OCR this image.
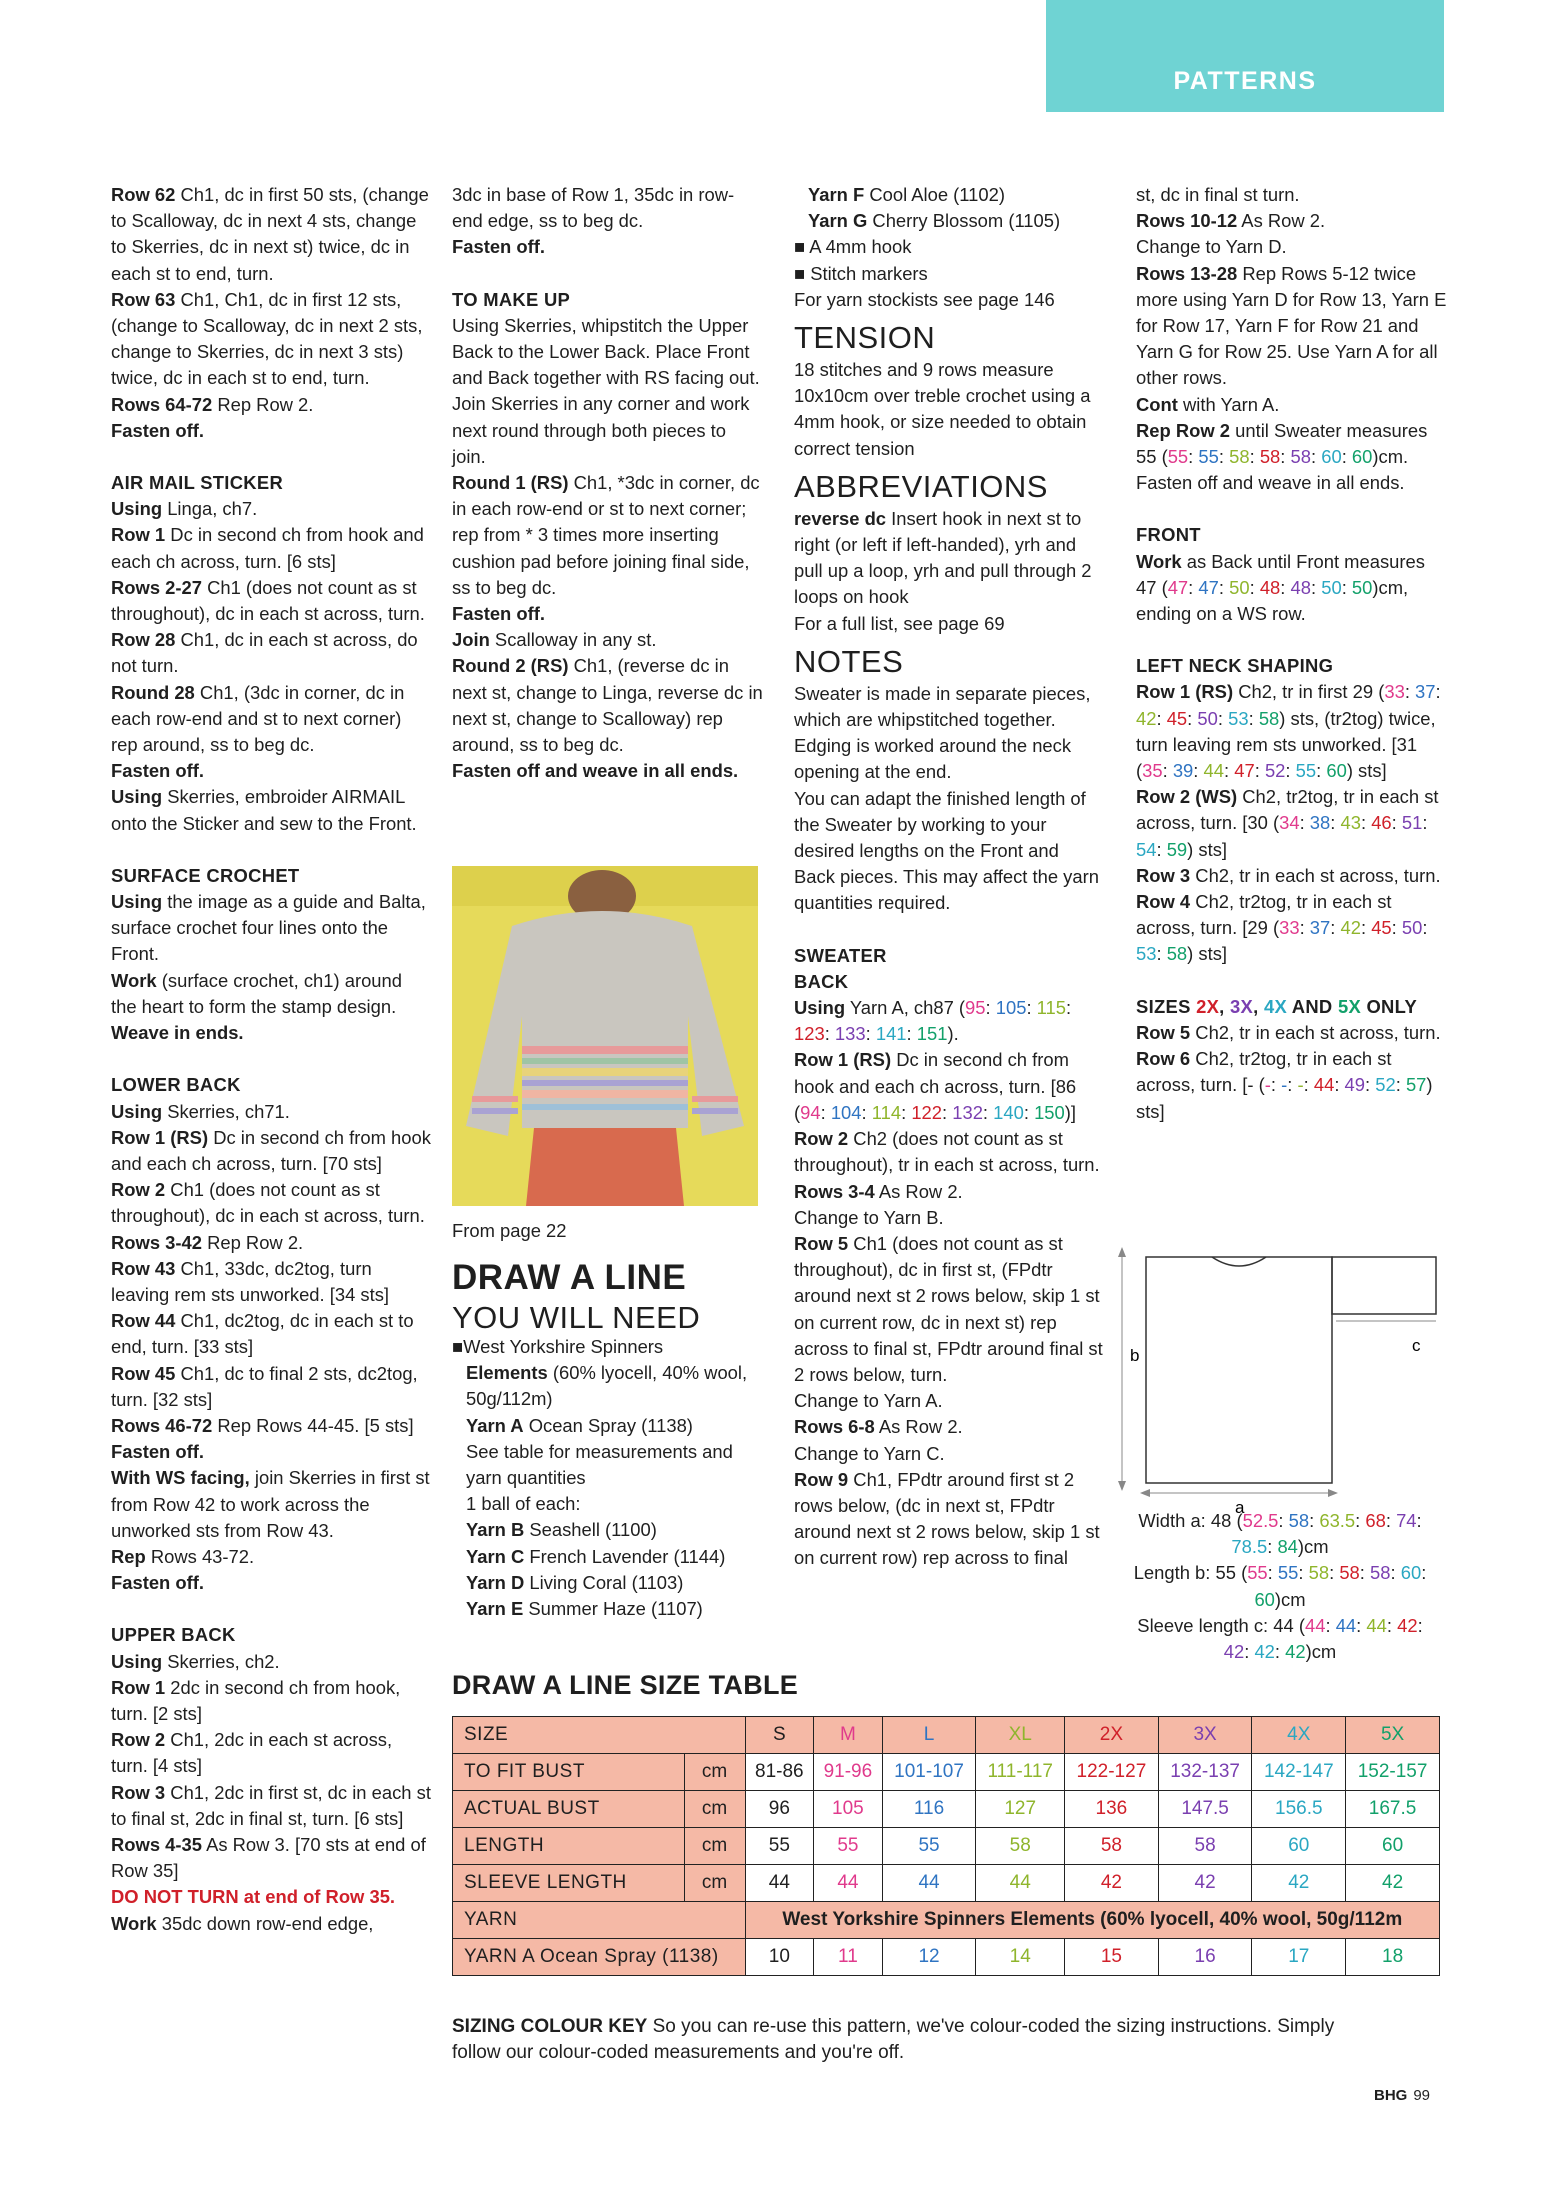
PATTERNS

Row 62 Ch1, dc in first 50 sts, (change to Scalloway, dc in next 4 sts, change to Skerries, dc in next st) twice, dc in each st to end, turn.

Row 63 Ch1, Ch1, dc in first 12 sts, (change to Scalloway, dc in next 2 sts, change to Skerries, dc in next 3 sts) twice, dc in each st to end, turn.

Rows 64-72 Rep Row 2.

Fasten off.

AIR MAIL STICKER

Using Linga, ch7.

Row 1 Dc in second ch from hook and each ch across, turn. [6 sts]

Rows 2-27 Ch1 (does not count as st throughout), dc in each st across, turn.

Row 28 Ch1, dc in each st across, do not turn.

Round 28 Ch1, (3dc in corner, dc in each row-end and st to next corner) rep around, ss to beg dc.

Fasten off.

Using Skerries, embroider AIRMAIL onto the Sticker and sew to the Front.

SURFACE CROCHET

Using the image as a guide and Balta, surface crochet four lines onto the Front.

Work (surface crochet, ch1) around the heart to form the stamp design.

Weave in ends.

LOWER BACK

Using Skerries, ch71.

Row 1 (RS) Dc in second ch from hook and each ch across, turn. [70 sts]

Row 2 Ch1 (does not count as st throughout), dc in each st across, turn.

Rows 3-42 Rep Row 2.

Row 43 Ch1, 33dc, dc2tog, turn leaving rem sts unworked. [34 sts]

Row 44 Ch1, dc2tog, dc in each st to end, turn. [33 sts]

Row 45 Ch1, dc to final 2 sts, dc2tog, turn. [32 sts]

Rows 46-72 Rep Rows 44-45. [5 sts]

Fasten off.

With WS facing, join Skerries in first st from Row 42 to work across the unworked sts from Row 43.

Rep Rows 43-72.

Fasten off.

UPPER BACK

Using Skerries, ch2.

Row 1 2dc in second ch from hook, turn. [2 sts]

Row 2 Ch1, 2dc in each st across, turn. [4 sts]

Row 3 Ch1, 2dc in first st, dc in each st to final st, 2dc in final st, turn. [6 sts]

Rows 4-35 As Row 3. [70 sts at end of Row 35]

DO NOT TURN at end of Row 35.

Work 35dc down row-end edge,

3dc in base of Row 1, 35dc in row-end edge, ss to beg dc.

Fasten off.

TO MAKE UP

Using Skerries, whipstitch the Upper Back to the Lower Back. Place Front and Back together with RS facing out.

Join Skerries in any corner and work next round through both pieces to join.

Round 1 (RS) Ch1, *3dc in corner, dc in each row-end or st to next corner; rep from * 3 times more inserting cushion pad before joining final side, ss to beg dc.

Fasten off.

Join Scalloway in any st.

Round 2 (RS) Ch1, (reverse dc in next st, change to Linga, reverse dc in next st, change to Scalloway) rep around, ss to beg dc.

Fasten off and weave in all ends.

From page 22
DRAW A LINE
YOU WILL NEED

■West Yorkshire Spinners

Elements (60% lyocell, 40% wool, 50g/112m)

Yarn A Ocean Spray (1138)

See table for measurements and yarn quantities

1 ball of each:

Yarn B Seashell (1100)

Yarn C French Lavender (1144)

Yarn D Living Coral (1103)

Yarn E Summer Haze (1107)

Yarn F Cool Aloe (1102)

Yarn G Cherry Blossom (1105)

■ A 4mm hook

■ Stitch markers

For yarn stockists see page 146

TENSION

18 stitches and 9 rows measure 10x10cm over treble crochet using a 4mm hook, or size needed to obtain correct tension

ABBREVIATIONS

reverse dc Insert hook in next st to right (or left if left-handed), yrh and pull up a loop, yrh and pull through 2 loops on hook

For a full list, see page 69

NOTES

Sweater is made in separate pieces, which are whipstitched together. Edging is worked around the neck opening at the end.

You can adapt the finished length of the Sweater by working to your desired lengths on the Front and Back pieces. This may affect the yarn quantities required.

SWEATER

BACK

Using Yarn A, ch87 (95: 105: 115: 123: 133: 141: 151).

Row 1 (RS) Dc in second ch from hook and each ch across, turn. [86 (94: 104: 114: 122: 132: 140: 150)]

Row 2 Ch2 (does not count as st throughout), tr in each st across, turn.

Rows 3-4 As Row 2.

Change to Yarn B.

Row 5 Ch1 (does not count as st throughout), dc in first st, (FPdtr around next st 2 rows below, skip 1 st on current row, dc in next st) rep across to final st, FPdtr around final st 2 rows below, turn.

Change to Yarn A.

Rows 6-8 As Row 2.

Change to Yarn C.

Row 9 Ch1, FPdtr around first st 2 rows below, (dc in next st, FPdtr around next st 2 rows below, skip 1 st on current row) rep across to final

st, dc in final st turn.

Rows 10-12 As Row 2.

Change to Yarn D.

Rows 13-28 Rep Rows 5-12 twice more using Yarn D for Row 13, Yarn E for Row 17, Yarn F for Row 21 and Yarn G for Row 25. Use Yarn A for all other rows.

Cont with Yarn A.

Rep Row 2 until Sweater measures 55 (55: 55: 58: 58: 58: 60: 60)cm.

Fasten off and weave in all ends.

FRONT

Work as Back until Front measures 47 (47: 47: 50: 48: 48: 50: 50)cm, ending on a WS row.

LEFT NECK SHAPING

Row 1 (RS) Ch2, tr in first 29 (33: 37: 42: 45: 50: 53: 58) sts, (tr2tog) twice, turn leaving rem sts unworked. [31 (35: 39: 44: 47: 52: 55: 60) sts]

Row 2 (WS) Ch2, tr2tog, tr in each st across, turn. [30 (34: 38: 43: 46: 51: 54: 59) sts]

Row 3 Ch2, tr in each st across, turn.

Row 4 Ch2, tr2tog, tr in each st across, turn. [29 (33: 37: 42: 45: 50: 53: 58) sts]

SIZES 2X, 3X, 4X AND 5X ONLY

Row 5 Ch2, tr in each st across, turn.

Row 6 Ch2, tr2tog, tr in each st across, turn. [- (-: -: -: 44: 49: 52: 57) sts]

b
a
c

Width a: 48 (52.5: 58: 63.5: 68: 74: 78.5: 84)cm

Length b: 55 (55: 55: 58: 58: 58: 60: 60)cm

Sleeve length c: 44 (44: 44: 44: 42: 42: 42: 42)cm

DRAW A LINE SIZE TABLE
SIZE		S	M	L	XL	2X	3X	4X	5X
TO FIT BUST	cm	81-86	91-96	101-107	111-117	122-127	132-137	142-147	152-157
ACTUAL BUST	cm	96	105	116	127	136	147.5	156.5	167.5
LENGTH	cm	55	55	55	58	58	58	60	60
SLEEVE LENGTH	cm	44	44	44	44	42	42	42	42
YARN		West Yorkshire Spinners Elements (60% lyocell, 40% wool, 50g/112m							
YARN A Ocean Spray (1138)		10	11	12	14	15	16	17	18
SIZING COLOUR KEY So you can re-use this pattern, we've colour-coded the sizing instructions. Simply follow our colour-coded measurements and you're off.
BHG 99
